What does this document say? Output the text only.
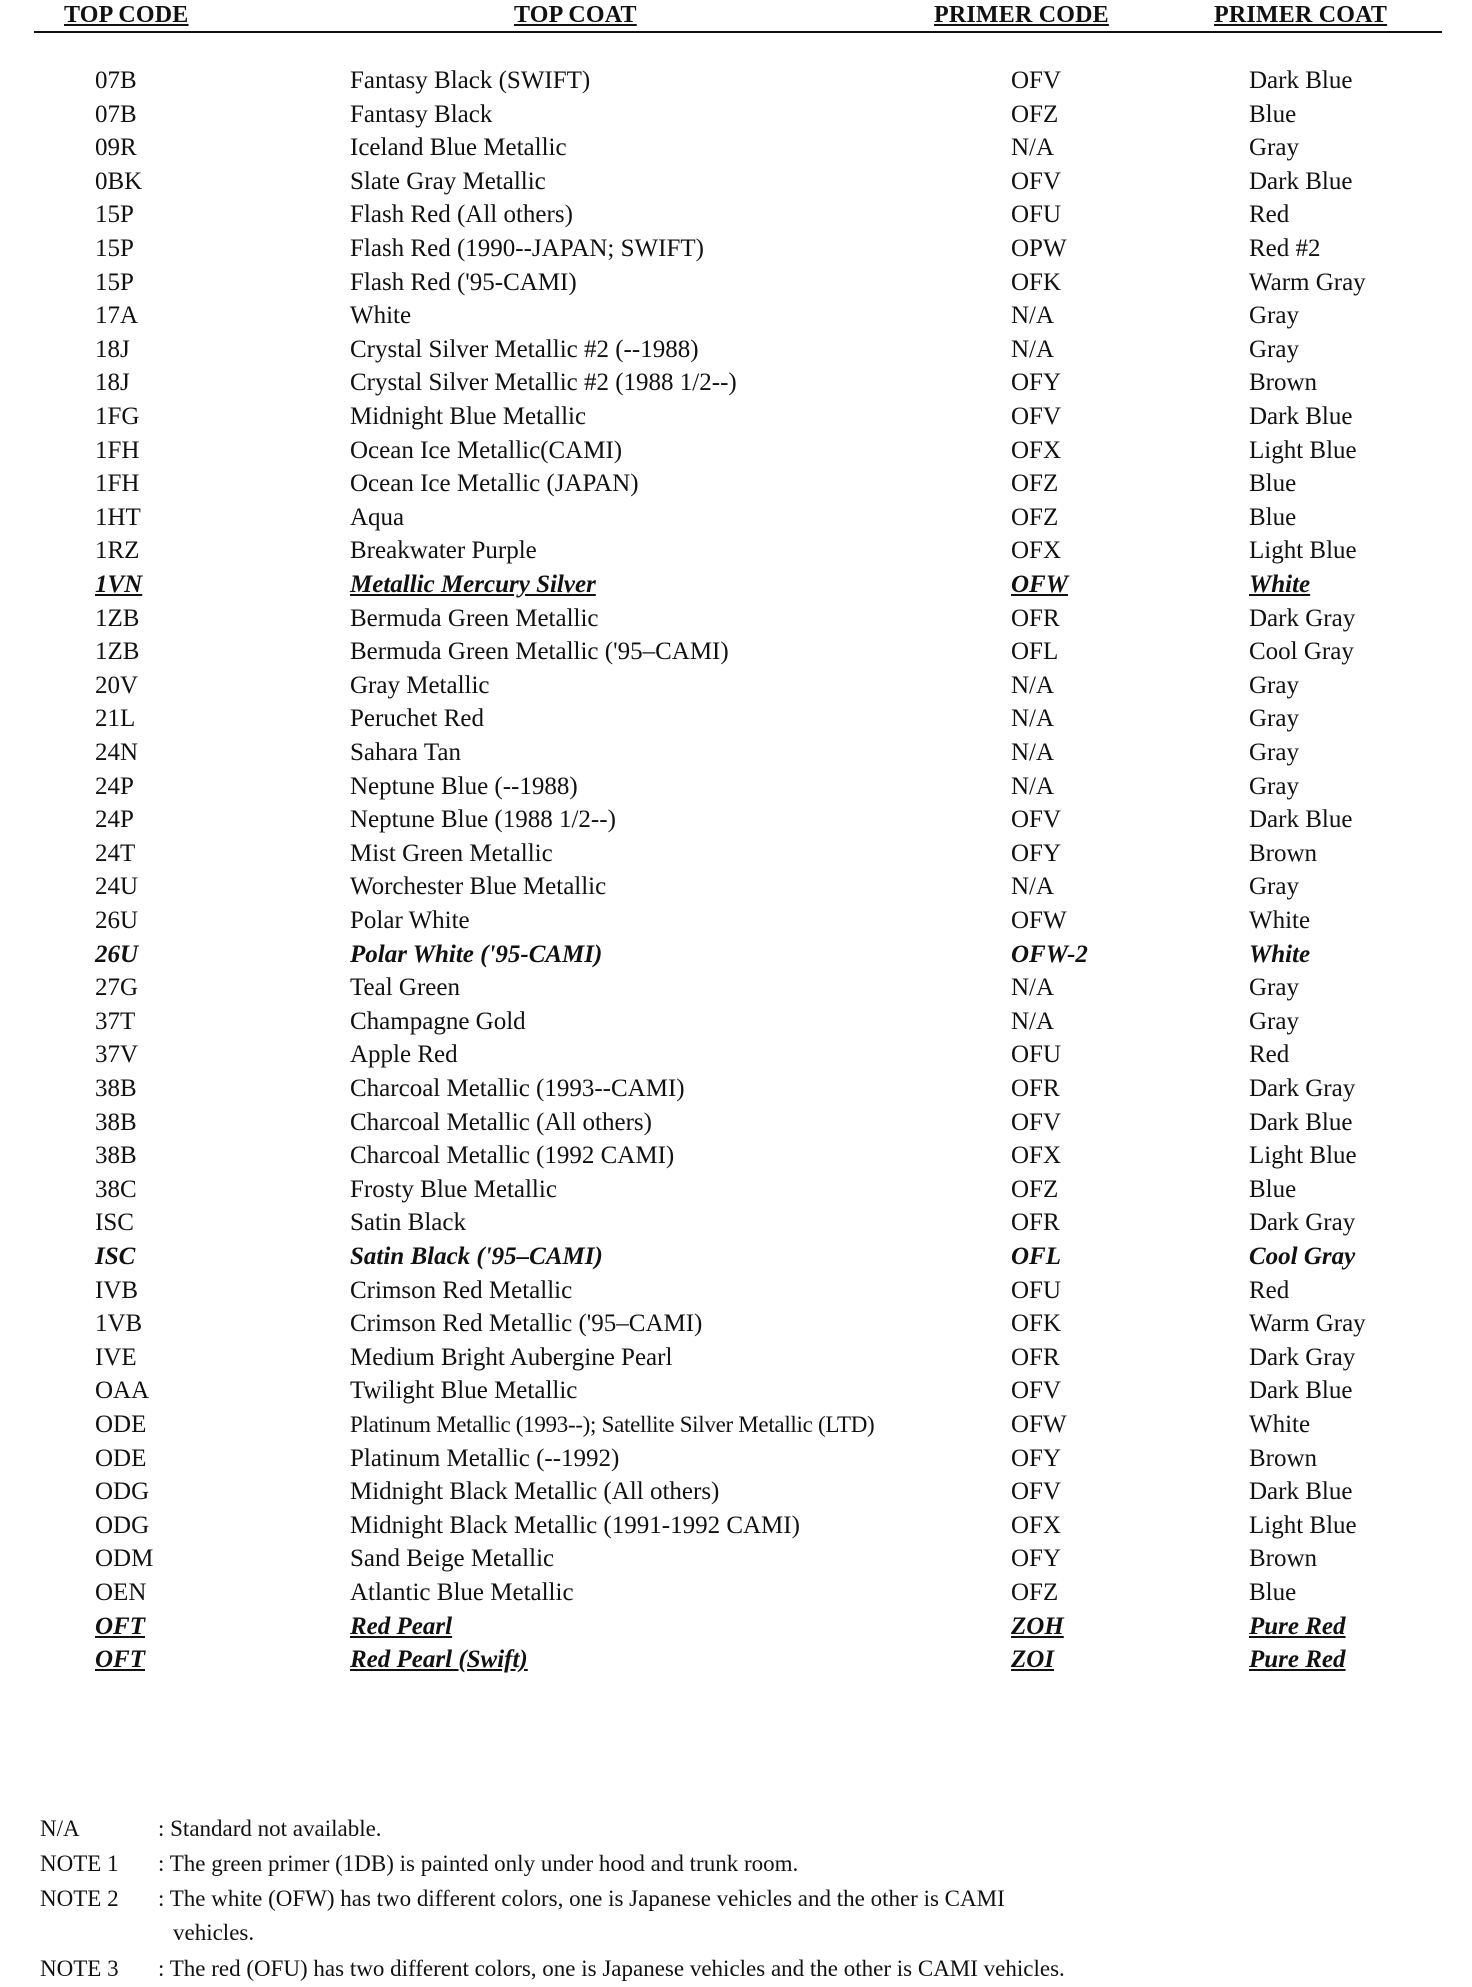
TOP CODE	TOP COAT	PRIMER CODE	PRIMER COAT
07B	Fantasy Black (SWIFT)	OFV	Dark Blue
07B	Fantasy Black	OFZ	Blue
09R	Iceland Blue Metallic	N/A	Gray
0BK	Slate Gray Metallic	OFV	Dark Blue
15P	Flash Red (All others)	OFU	Red
15P	Flash Red (1990--JAPAN; SWIFT)	OPW	Red #2
15P	Flash Red ('95-CAMI)	OFK	Warm Gray
17A	White	N/A	Gray
18J	Crystal Silver Metallic #2 (--1988)	N/A	Gray
18J	Crystal Silver Metallic #2 (1988 1/2--)	OFY	Brown
1FG	Midnight Blue Metallic	OFV	Dark Blue
1FH	Ocean Ice Metallic(CAMI)	OFX	Light Blue
1FH	Ocean Ice Metallic (JAPAN)	OFZ	Blue
1HT	Aqua	OFZ	Blue
1RZ	Breakwater Purple	OFX	Light Blue
1VN	Metallic Mercury Silver	OFW	White
1ZB	Bermuda Green Metallic	OFR	Dark Gray
1ZB	Bermuda Green Metallic ('95–CAMI)	OFL	Cool Gray
20V	Gray Metallic	N/A	Gray
21L	Peruchet Red	N/A	Gray
24N	Sahara Tan	N/A	Gray
24P	Neptune Blue (--1988)	N/A	Gray
24P	Neptune Blue (1988 1/2--)	OFV	Dark Blue
24T	Mist Green Metallic	OFY	Brown
24U	Worchester Blue Metallic	N/A	Gray
26U	Polar White	OFW	White
26U	Polar White ('95-CAMI)	OFW-2	White
27G	Teal Green	N/A	Gray
37T	Champagne Gold	N/A	Gray
37V	Apple Red	OFU	Red
38B	Charcoal Metallic (1993--CAMI)	OFR	Dark Gray
38B	Charcoal Metallic (All others)	OFV	Dark Blue
38B	Charcoal Metallic (1992 CAMI)	OFX	Light Blue
38C	Frosty Blue Metallic	OFZ	Blue
ISC	Satin Black	OFR	Dark Gray
ISC	Satin Black ('95–CAMI)	OFL	Cool Gray
IVB	Crimson Red Metallic	OFU	Red
1VB	Crimson Red Metallic ('95–CAMI)	OFK	Warm Gray
IVE	Medium Bright Aubergine Pearl	OFR	Dark Gray
OAA	Twilight Blue Metallic	OFV	Dark Blue
ODE	Platinum Metallic (1993--); Satellite Silver Metallic (LTD)	OFW	White
ODE	Platinum Metallic (--1992)	OFY	Brown
ODG	Midnight Black Metallic (All others)	OFV	Dark Blue
ODG	Midnight Black Metallic (1991-1992 CAMI)	OFX	Light Blue
ODM	Sand Beige Metallic	OFY	Brown
OEN	Atlantic Blue Metallic	OFZ	Blue
OFT	Red Pearl	ZOH	Pure Red
OFT	Red Pearl (Swift)	ZOI	Pure Red
N/A	: Standard not available.
NOTE 1 : The green primer (1DB) is painted only under hood and trunk room.
NOTE 2 : The white (OFW) has two different colors, one is Japanese vehicles and the other is CAMI
vehicles.
NOTE 3 : The red (OFU) has two different colors, one is Japanese vehicles and the other is CAMI vehicles.
